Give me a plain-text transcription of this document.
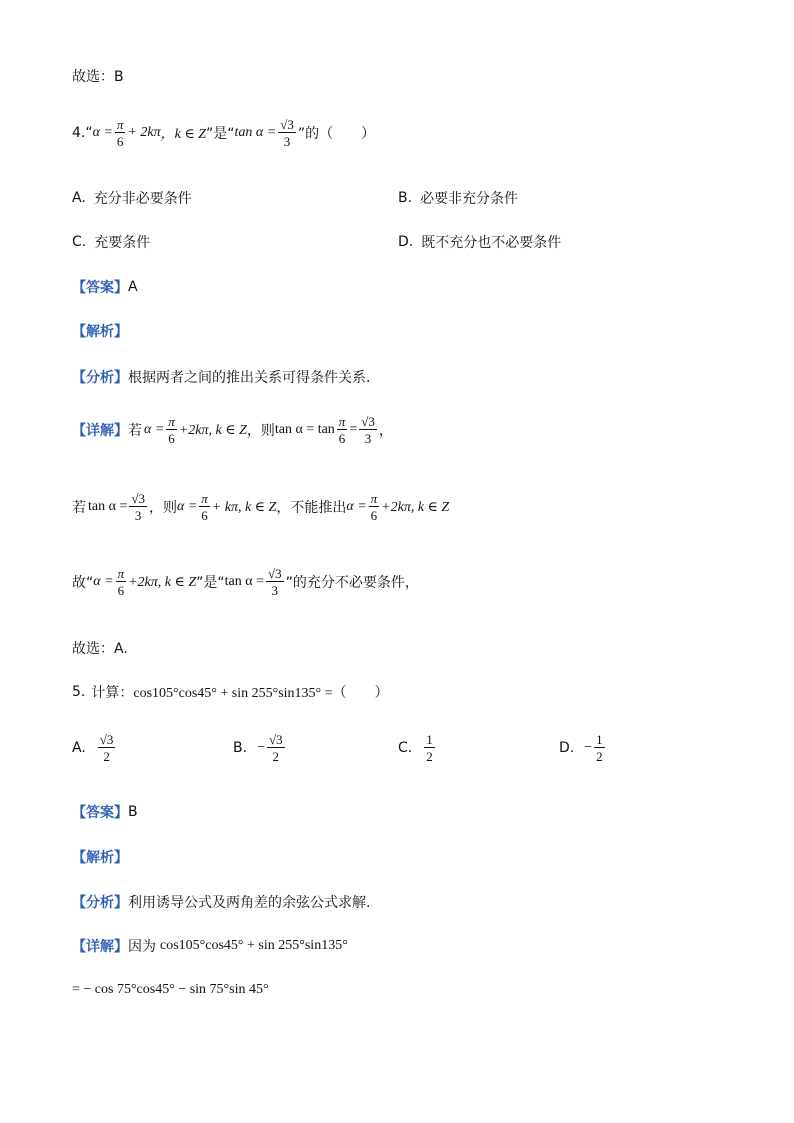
故选：B
4. “ $\alpha = \frac{\pi}{6} + 2k\pi$ ，k ∈ Z ”是“ $\tan \alpha = \frac{√3}{3}$ ”的（　　）
A. 充分非必要条件	B. 必要非充分条件
C. 充要条件	D. 既不充分也不必要条件
【答案】 A
【解析】
【分析】 根据两者之间的推出关系可得条件关系.
【详解】 若 $\alpha = \frac{\pi}{6} +2k\pi$, k ∈ Z ，则 $\tan \alpha = \tan \frac{\pi}{6} = \frac{√3}{3}$ ，
若 $\tan \alpha = \frac{√3}{3}$ ，则 $\alpha = \frac{\pi}{6} + k\pi$, k ∈ Z ，不能推出 $\alpha = \frac{\pi}{6} +2k\pi$, k ∈ Z
故“ $\alpha = \frac{\pi}{6} +2k\pi$, k ∈ Z ”是“ $\tan \alpha = \frac{√3}{3}$ ”的充分不必要条件，
故选：A.
5. 计算： cos105°cos45° + sin 255°sin135° =（　　）
A. $\frac{√3}{2}$	B. − $\frac{√3}{2}$	C. $\frac{1}{2}$	D. − $\frac{1}{2}$
【答案】 B
【解析】
【分析】 利用诱导公式及两角差的余弦公式求解.
【详解】 因为 cos105°cos45° + sin 255°sin135°
= − cos 75°cos45° − sin 75°sin 45°
